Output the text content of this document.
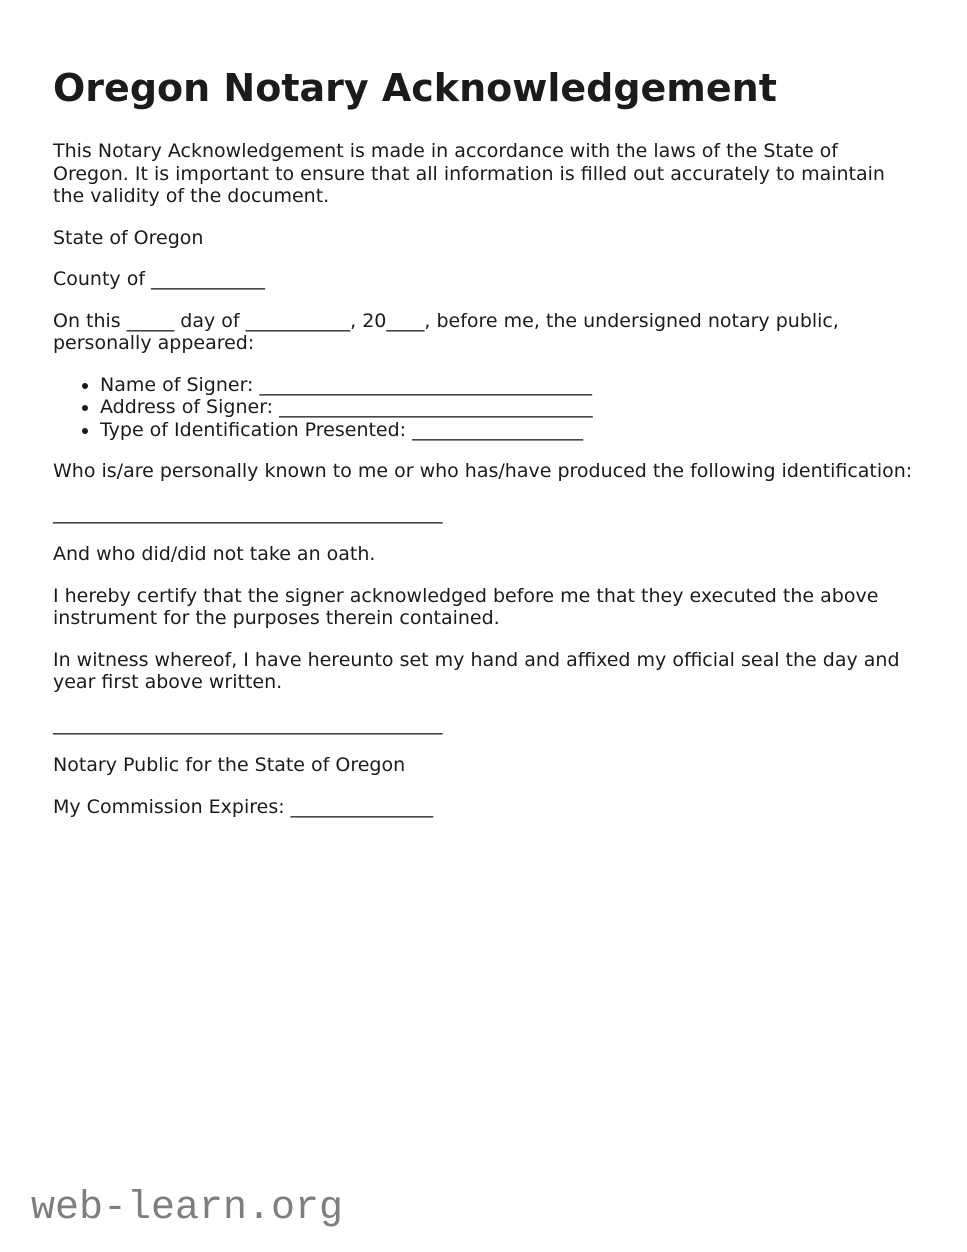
Oregon Notary Acknowledgement

This Notary Acknowledgement is made in accordance with the laws of the State of Oregon. It is important to ensure that all information is filled out accurately to maintain the validity of the document.

State of Oregon

County of ____________

On this _____ day of ___________, 20____, before me, the undersigned notary public, personally appeared:

• Name of Signer: ___________________________________
• Address of Signer: _________________________________
• Type of Identification Presented: __________________

Who is/are personally known to me or who has/have produced the following identification:

_________________________________________

And who did/did not take an oath.

I hereby certify that the signer acknowledged before me that they executed the above instrument for the purposes therein contained.

In witness whereof, I have hereunto set my hand and affixed my official seal the day and year first above written.

_________________________________________

Notary Public for the State of Oregon

My Commission Expires: _______________

web-learn.org
